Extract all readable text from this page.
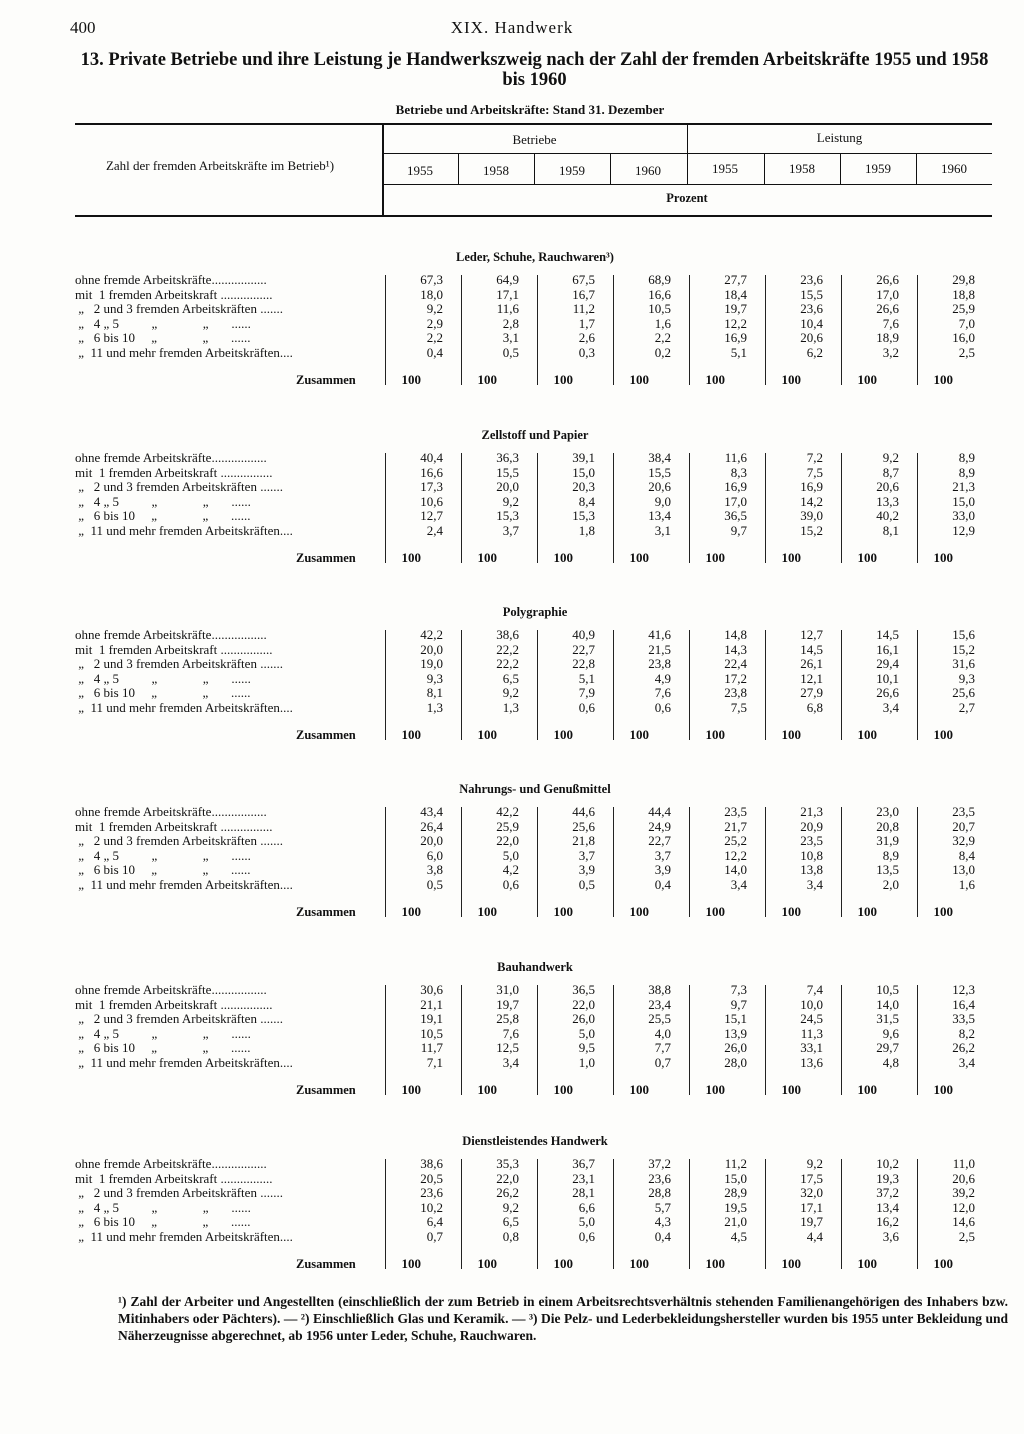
400	XIX. Handwerk
13. Private Betriebe und ihre Leistung je Handwerkszweig nach der Zahl der fremden Arbeitskräfte 1955 und 1958 bis 1960
Betriebe und Arbeitskräfte: Stand 31. Dezember
Zahl der fremden Arbeitskräfte im Betrieb¹)
Betriebe	Leistung
1955	1958	1959	1960	1955	1958	1959	1960
Prozent
Leder, Schuhe, Rauchwaren³)
ohne fremde Arbeitskräfte.................	67,3	64,9	67,5	68,9	27,7	23,6	26,6	29,8
mit  1 fremden Arbeitskraft ................	18,0	17,1	16,7	16,6	18,4	15,5	17,0	18,8
„   2 und 3 fremden Arbeitskräften .......	9,2	11,6	11,2	10,5	19,7	23,6	26,6	25,9
„   4 „ 5          „              „       ......	2,9	2,8	1,7	1,6	12,2	10,4	7,6	7,0
„   6 bis 10     „              „       ......	2,2	3,1	2,6	2,2	16,9	20,6	18,9	16,0
„  11 und mehr fremden Arbeitskräften....	0,4	0,5	0,3	0,2	5,1	6,2	3,2	2,5
Zusammen	100	100	100	100	100	100	100	100
Zellstoff und Papier
ohne fremde Arbeitskräfte.................	40,4	36,3	39,1	38,4	11,6	7,2	9,2	8,9
mit  1 fremden Arbeitskraft ................	16,6	15,5	15,0	15,5	8,3	7,5	8,7	8,9
„   2 und 3 fremden Arbeitskräften .......	17,3	20,0	20,3	20,6	16,9	16,9	20,6	21,3
„   4 „ 5          „              „       ......	10,6	9,2	8,4	9,0	17,0	14,2	13,3	15,0
„   6 bis 10     „              „       ......	12,7	15,3	15,3	13,4	36,5	39,0	40,2	33,0
„  11 und mehr fremden Arbeitskräften....	2,4	3,7	1,8	3,1	9,7	15,2	8,1	12,9
Zusammen	100	100	100	100	100	100	100	100
Polygraphie
ohne fremde Arbeitskräfte.................	42,2	38,6	40,9	41,6	14,8	12,7	14,5	15,6
mit  1 fremden Arbeitskraft ................	20,0	22,2	22,7	21,5	14,3	14,5	16,1	15,2
„   2 und 3 fremden Arbeitskräften .......	19,0	22,2	22,8	23,8	22,4	26,1	29,4	31,6
„   4 „ 5          „              „       ......	9,3	6,5	5,1	4,9	17,2	12,1	10,1	9,3
„   6 bis 10     „              „       ......	8,1	9,2	7,9	7,6	23,8	27,9	26,6	25,6
„  11 und mehr fremden Arbeitskräften....	1,3	1,3	0,6	0,6	7,5	6,8	3,4	2,7
Zusammen	100	100	100	100	100	100	100	100
Nahrungs- und Genußmittel
ohne fremde Arbeitskräfte.................	43,4	42,2	44,6	44,4	23,5	21,3	23,0	23,5
mit  1 fremden Arbeitskraft ................	26,4	25,9	25,6	24,9	21,7	20,9	20,8	20,7
„   2 und 3 fremden Arbeitskräften .......	20,0	22,0	21,8	22,7	25,2	23,5	31,9	32,9
„   4 „ 5          „              „       ......	6,0	5,0	3,7	3,7	12,2	10,8	8,9	8,4
„   6 bis 10     „              „       ......	3,8	4,2	3,9	3,9	14,0	13,8	13,5	13,0
„  11 und mehr fremden Arbeitskräften....	0,5	0,6	0,5	0,4	3,4	3,4	2,0	1,6
Zusammen	100	100	100	100	100	100	100	100
Bauhandwerk
ohne fremde Arbeitskräfte.................	30,6	31,0	36,5	38,8	7,3	7,4	10,5	12,3
mit  1 fremden Arbeitskraft ................	21,1	19,7	22,0	23,4	9,7	10,0	14,0	16,4
„   2 und 3 fremden Arbeitskräften .......	19,1	25,8	26,0	25,5	15,1	24,5	31,5	33,5
„   4 „ 5          „              „       ......	10,5	7,6	5,0	4,0	13,9	11,3	9,6	8,2
„   6 bis 10     „              „       ......	11,7	12,5	9,5	7,7	26,0	33,1	29,7	26,2
„  11 und mehr fremden Arbeitskräften....	7,1	3,4	1,0	0,7	28,0	13,6	4,8	3,4
Zusammen	100	100	100	100	100	100	100	100
Dienstleistendes Handwerk
ohne fremde Arbeitskräfte.................	38,6	35,3	36,7	37,2	11,2	9,2	10,2	11,0
mit  1 fremden Arbeitskraft ................	20,5	22,0	23,1	23,6	15,0	17,5	19,3	20,6
„   2 und 3 fremden Arbeitskräften .......	23,6	26,2	28,1	28,8	28,9	32,0	37,2	39,2
„   4 „ 5          „              „       ......	10,2	9,2	6,6	5,7	19,5	17,1	13,4	12,0
„   6 bis 10     „              „       ......	6,4	6,5	5,0	4,3	21,0	19,7	16,2	14,6
„  11 und mehr fremden Arbeitskräften....	0,7	0,8	0,6	0,4	4,5	4,4	3,6	2,5
Zusammen	100	100	100	100	100	100	100	100

¹) Zahl der Arbeiter und Angestellten (einschließlich der zum Betrieb in einem Arbeitsrechtsverhältnis stehenden Familienangehörigen des Inhabers bzw. Mitinhabers oder Pächters). — ²) Einschließlich Glas und Keramik. — ³) Die Pelz- und Lederbekleidungshersteller wurden bis 1955 unter Bekleidung und Näherzeugnisse abgerechnet, ab 1956 unter Leder, Schuhe, Rauchwaren.
